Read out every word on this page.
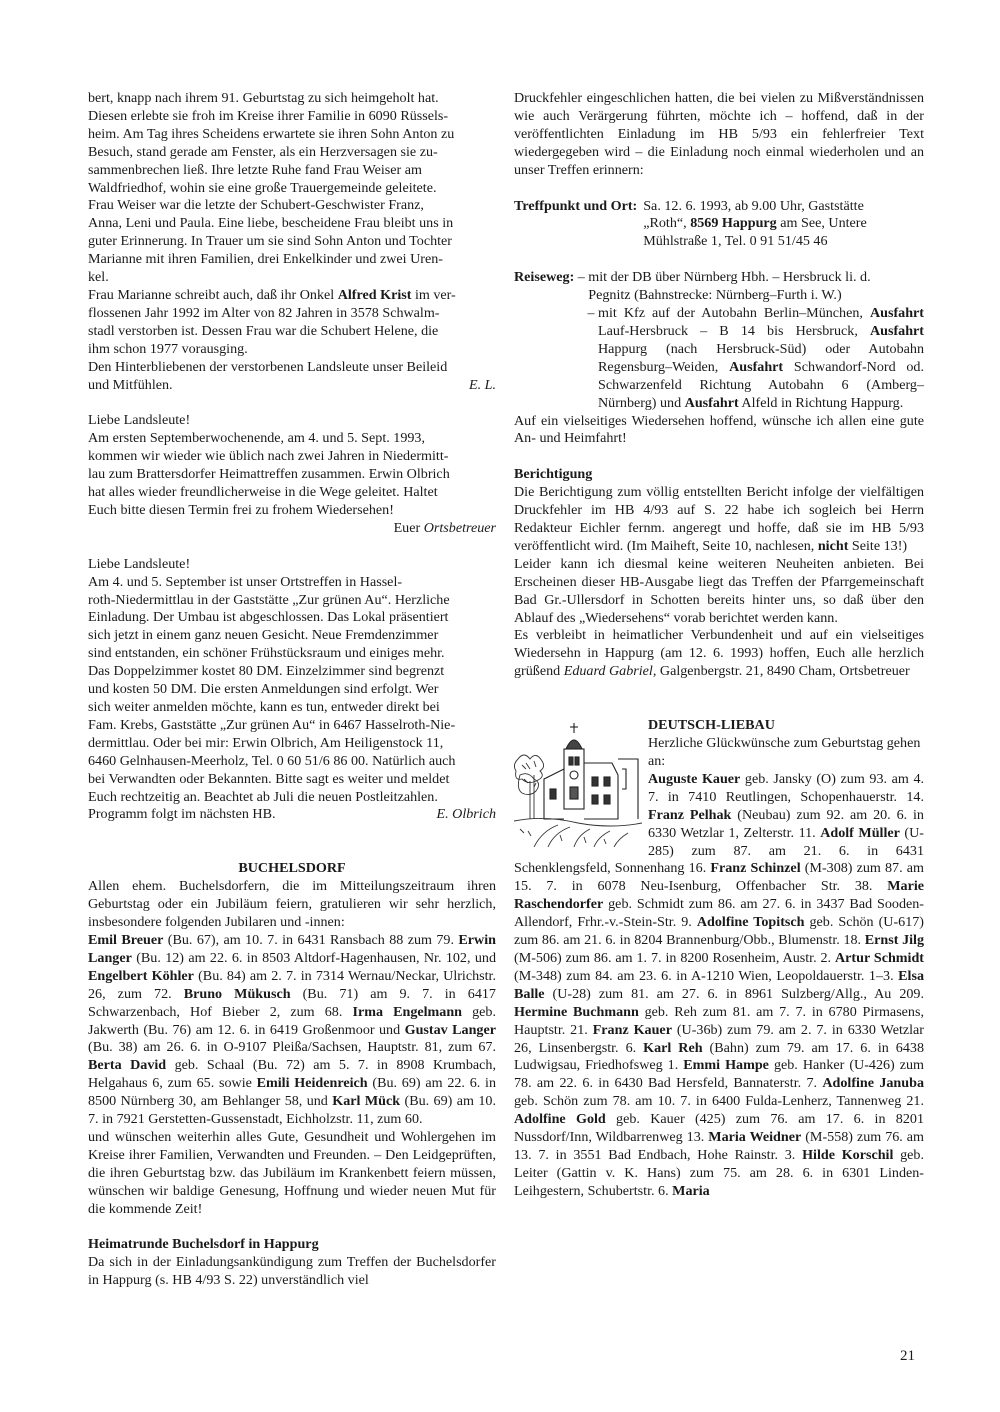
bert, knapp nach ihrem 91. Geburtstag zu sich heimgeholt hat.
Diesen erlebte sie froh im Kreise ihrer Familie in 6090 Rüssels-
heim. Am Tag ihres Scheidens erwartete sie ihren Sohn Anton zu
Besuch, stand gerade am Fenster, als ein Herzversagen sie zu-
sammenbrechen ließ. Ihre letzte Ruhe fand Frau Weiser am
Waldfriedhof, wohin sie eine große Trauergemeinde geleitete.
Frau Weiser war die letzte der Schubert-Geschwister Franz,
Anna, Leni und Paula. Eine liebe, bescheidene Frau bleibt uns in
guter Erinnerung. In Trauer um sie sind Sohn Anton und Tochter
Marianne mit ihren Familien, drei Enkelkinder und zwei Uren-
kel.

Frau Marianne schreibt auch, daß ihr Onkel Alfred Krist im ver-

flossenen Jahr 1992 im Alter von 82 Jahren in 3578 Schwalm-
stadl verstorben ist. Dessen Frau war die Schubert Helene, die
ihm schon 1977 vorausging.
Den Hinterbliebenen der verstorbenen Landsleute unser Beileid
und Mitfühlen.	E. L.
Liebe Landsleute!
Am ersten Septemberwochenende, am 4. und 5. Sept. 1993,
kommen wir wieder wie üblich nach zwei Jahren in Niedermitt-
lau zum Brattersdorfer Heimattreffen zusammen. Erwin Olbrich
hat alles wieder freundlicherweise in die Wege geleitet. Haltet
Euch bitte diesen Termin frei zu frohem Wiedersehen!

Euer Ortsbetreuer

Liebe Landsleute!
Am 4. und 5. September ist unser Ortstreffen in Hassel-
roth-Niedermittlau in der Gaststätte „Zur grünen Au“. Herzliche
Einladung. Der Umbau ist abgeschlossen. Das Lokal präsentiert
sich jetzt in einem ganz neuen Gesicht. Neue Fremdenzimmer
sind entstanden, ein schöner Frühstücksraum und einiges mehr.
Das Doppelzimmer kostet 80 DM. Einzelzimmer sind begrenzt
und kosten 50 DM. Die ersten Anmeldungen sind erfolgt. Wer
sich weiter anmelden möchte, kann es tun, entweder direkt bei
Fam. Krebs, Gaststätte „Zur grünen Au“ in 6467 Hasselroth-Nie-
dermittlau. Oder bei mir: Erwin Olbrich, Am Heiligenstock 11,
6460 Gelnhausen-Meerholz, Tel. 0 60 51/6 86 00. Natürlich auch
bei Verwandten oder Bekannten. Bitte sagt es weiter und meldet
Euch rechtzeitig an. Beachtet ab Juli die neuen Postleitzahlen.
Programm folgt im nächsten HB.	E. Olbrich
BUCHELSDORF

Allen ehem. Buchelsdorfern, die im Mitteilungszeitraum ihren Geburtstag oder ein Jubiläum feiern, gratulieren wir sehr herzlich, insbesondere folgenden Jubilaren und -innen:

Emil Breuer (Bu. 67), am 10. 7. in 6431 Ransbach 88 zum 79. Erwin Langer (Bu. 12) am 22. 6. in 8503 Altdorf-Hagenhausen, Nr. 102, und Engelbert Köhler (Bu. 84) am 2. 7. in 7314 Wernau/Neckar, Ulrichstr. 26, zum 72. Bruno Mükusch (Bu. 71) am 9. 7. in 6417 Schwarzenbach, Hof Bieber 2, zum 68. Irma Engelmann geb. Jakwerth (Bu. 76) am 12. 6. in 6419 Großenmoor und Gustav Langer (Bu. 38) am 26. 6. in O-9107 Pleißa/Sachsen, Hauptstr. 81, zum 67. Berta David geb. Schaal (Bu. 72) am 5. 7. in 8908 Krumbach, Helgahaus 6, zum 65. sowie Emili Heidenreich (Bu. 69) am 22. 6. in 8500 Nürnberg 30, am Behlanger 58, und Karl Mück (Bu. 69) am 10. 7. in 7921 Gerstetten-Gussenstadt, Eichholzstr. 11, zum 60.

und wünschen weiterhin alles Gute, Gesundheit und Wohlergehen im Kreise ihrer Familien, Verwandten und Freunden. – Den Leidgeprüften, die ihren Geburtstag bzw. das Jubiläum im Krankenbett feiern müssen, wünschen wir baldige Genesung, Hoffnung und wieder neuen Mut für die kommende Zeit!

Heimatrunde Buchelsdorf in Happurg

Da sich in der Einladungsankündigung zum Treffen der Buchelsdorfer in Happurg (s. HB 4/93 S. 22) unverständlich viel

Druckfehler eingeschlichen hatten, die bei vielen zu Mißverständnissen wie auch Verärgerung führten, möchte ich – hoffend, daß in der veröffentlichten Einladung im HB 5/93 ein fehlerfreier Text wiedergegeben wird – die Einladung noch einmal wiederholen und an unser Treffen erinnern:

Treffpunkt und Ort: Sa. 12. 6. 1993, ab 9.00 Uhr, Gaststätte
„Roth“, 8569 Happurg am See, Untere
Mühlstraße 1, Tel. 0 91 51/45 46
Reiseweg: – mit der DB über Nürnberg Hbh. – Hersbruck li. d.
Pegnitz (Bahnstrecke: Nürnberg–Furth i. W.)
– mit Kfz auf der Autobahn Berlin–München, Ausfahrt Lauf-Hersbruck – B 14 bis Hersbruck, Ausfahrt Happurg (nach Hersbruck-Süd) oder Autobahn Regensburg–Weiden, Ausfahrt Schwandorf-Nord od. Schwarzenfeld Richtung Autobahn 6 (Amberg–Nürnberg) und Ausfahrt Alfeld in Richtung Happurg.

Auf ein vielseitiges Wiedersehen hoffend, wünsche ich allen eine gute An- und Heimfahrt!

Berichtigung

Die Berichtigung zum völlig entstellten Bericht infolge der vielfältigen Druckfehler im HB 4/93 auf S. 22 habe ich sogleich bei Herrn Redakteur Eichler fernm. angeregt und hoffe, daß sie im HB 5/93 veröffentlicht wird. (Im Maiheft, Seite 10, nachlesen, nicht Seite 13!)

Leider kann ich diesmal keine weiteren Neuheiten anbieten. Bei Erscheinen dieser HB-Ausgabe liegt das Treffen der Pfarrgemeinschaft Bad Gr.-Ullersdorf in Schotten bereits hinter uns, so daß über den Ablauf des „Wiedersehens“ vorab berichtet werden kann.

Es verbleibt in heimatlicher Verbundenheit und auf ein vielseitiges Wiedersehn in Happurg (am 12. 6. 1993) hoffen, Euch alle herzlich grüßend Eduard Gabriel, Galgenbergstr. 21, 8490 Cham, Ortsbetreuer

DEUTSCH-LIEBAU

Herzliche Glückwünsche zum Geburtstag gehen an:

Auguste Kauer geb. Jansky (O) zum 93. am 4. 7. in 7410 Reutlingen, Schopenhauerstr. 14. Franz Pelhak (Neubau) zum 92. am 20. 6. in 6330 Wetzlar 1, Zelterstr. 11. Adolf Müller (U-285) zum 87. am 21. 6. in 6431 Schenklengsfeld, Sonnenhang 16. Franz Schinzel (M-308) zum 87. am 15. 7. in 6078 Neu-Isenburg, Offenbacher Str. 38. Marie Raschendorfer geb. Schmidt zum 86. am 27. 6. in 3437 Bad Sooden-Allendorf, Frhr.-v.-Stein-Str. 9. Adolfine Topitsch geb. Schön (U-617) zum 86. am 21. 6. in 8204 Brannenburg/Obb., Blumenstr. 18. Ernst Jilg (M-506) zum 86. am 1. 7. in 8200 Rosenheim, Austr. 2. Artur Schmidt (M-348) zum 84. am 23. 6. in A-1210 Wien, Leopoldauerstr. 1–3. Elsa Balle (U-28) zum 81. am 27. 6. in 8961 Sulzberg/Allg., Au 209. Hermine Buchmann geb. Reh zum 81. am 7. 7. in 6780 Pirmasens, Hauptstr. 21. Franz Kauer (U-36b) zum 79. am 2. 7. in 6330 Wetzlar 26, Linsenbergstr. 6. Karl Reh (Bahn) zum 79. am 17. 6. in 6438 Ludwigsau, Friedhofsweg 1. Emmi Hampe geb. Hanker (U-426) zum 78. am 22. 6. in 6430 Bad Hersfeld, Bannaterstr. 7. Adolfine Januba geb. Schön zum 78. am 10. 7. in 6400 Fulda-Lenherz, Tannenweg 21. Adolfine Gold geb. Kauer (425) zum 76. am 17. 6. in 8201 Nussdorf/Inn, Wildbarrenweg 13. Maria Weidner (M-558) zum 76. am 13. 7. in 3551 Bad Endbach, Hohe Rainstr. 3. Hilde Korschil geb. Leiter (Gattin v. K. Hans) zum 75. am 28. 6. in 6301 Linden-Leihgestern, Schubertstr. 6. Maria

21
